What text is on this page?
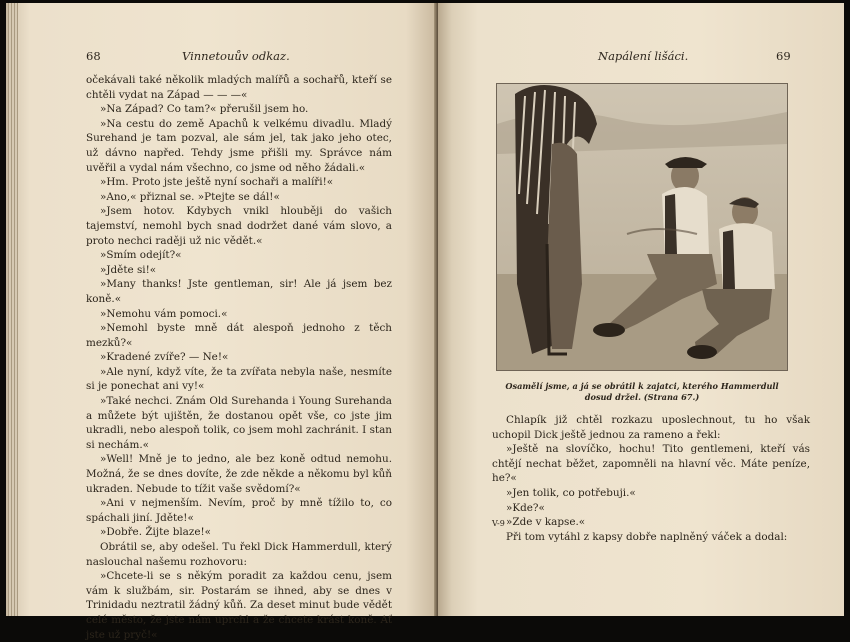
68	Vinnetouův odkaz.

očekávali také několik mladých malířů a sochařů, kteří se chtěli vydat na Západ — — —«

»Na Západ? Co tam?« přerušil jsem ho.

»Na cestu do země Apachů k velkému divadlu. Mladý Surehand je tam pozval, ale sám jel, tak jako jeho otec, už dávno napřed. Tehdy jsme přišli my. Správce nám uvěřil a vydal nám všechno, co jsme od něho žádali.«

»Hm. Proto jste ještě nyní sochaři a malíři!«

»Ano,« přiznal se. »Ptejte se dál!«

»Jsem hotov. Kdybych vnikl hlouběji do vašich tajemství, nemohl bych snad dodržet dané vám slovo, a proto nechci raději už nic vědět.«

»Smím odejít?«

»Jděte si!«

»Many thanks! Jste gentleman, sir! Ale já jsem bez koně.«

»Nemohu vám pomoci.«

»Nemohl byste mně dát alespoň jednoho z těch mezků?«

»Kradené zvíře? — Ne!«

»Ale nyní, když víte, že ta zvířata nebyla naše, nesmíte si je ponechat ani vy!«

»Také nechci. Znám Old Surehanda i Young Surehanda a můžete být ujištěn, že dostanou opět vše, co jste jim ukradli, nebo alespoň tolik, co jsem mohl zachránit. I stan si nechám.«

»Well! Mně je to jedno, ale bez koně odtud nemohu. Možná, že se dnes dovíte, že zde někde a někomu byl kůň ukraden. Nebude to tížit vaše svědomí?«

»Ani v nejmenším. Nevím, proč by mně tížilo to, co spáchali jiní. Jděte!«

»Dobře. Žijte blaze!«

Obrátil se, aby odešel. Tu řekl Dick Hammerdull, který naslouchal našemu rozhovoru:

»Chcete-li se s někým poradit za každou cenu, jsem vám k službám, sir. Postarám se ihned, aby se dnes v Trinidadu neztratil žádný kůň. Za deset minut bude vědět celé město, že jste nám uprchl a že chcete krást koně. Ať jste už pryč!«

Napálení lišáci.	69
Osamělí jsme, a já se obrátil k zajatci, kterého Hammerdull dosud držel. (Strana 67.)

Chlapík již chtěl rozkazu uposlechnout, tu ho však uchopil Dick ještě jednou za rameno a řekl:

»Ještě na slovíčko, hochu! Tito gentlemeni, kteří vás chtějí nechat běžet, zapomněli na hlavní věc. Máte peníze, he?«

»Jen tolik, co potřebuji.«

»Kde?«

»Zde v kapse.«

Při tom vytáhl z kapsy dobře naplněný váček a dodal:

V-9
